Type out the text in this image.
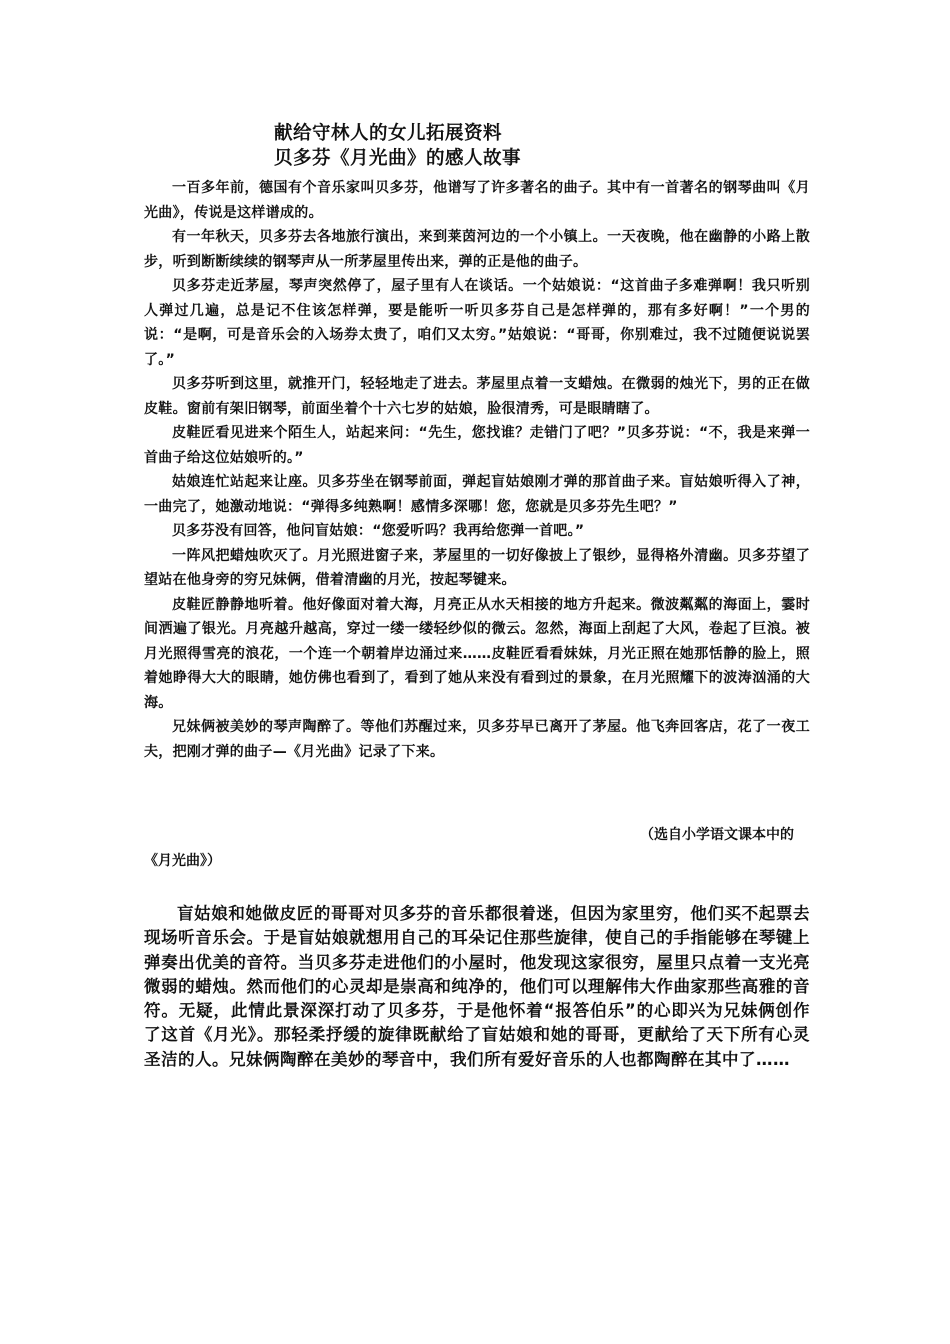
献给守林人的女儿拓展资料
贝多芬《月光曲》的感人故事

一百多年前，德国有个音乐家叫贝多芬，他谱写了许多著名的曲子。其中有一首著名的钢琴曲叫《月光曲》，传说是这样谱成的。

有一年秋天，贝多芬去各地旅行演出，来到莱茵河边的一个小镇上。一天夜晚，他在幽静的小路上散步，听到断断续续的钢琴声从一所茅屋里传出来，弹的正是他的曲子。

贝多芬走近茅屋，琴声突然停了，屋子里有人在谈话。一个姑娘说：“这首曲子多难弹啊！我只听别人弹过几遍，总是记不住该怎样弹，要是能听一听贝多芬自己是怎样弹的，那有多好啊！”一个男的说：“是啊，可是音乐会的入场券太贵了，咱们又太穷。”姑娘说：“哥哥，你别难过，我不过随便说说罢了。”

贝多芬听到这里，就推开门，轻轻地走了进去。茅屋里点着一支蜡烛。在微弱的烛光下，男的正在做皮鞋。窗前有架旧钢琴，前面坐着个十六七岁的姑娘，脸很清秀，可是眼睛瞎了。

皮鞋匠看见进来个陌生人，站起来问：“先生，您找谁？走错门了吧？”贝多芬说：“不，我是来弹一首曲子给这位姑娘听的。”

姑娘连忙站起来让座。贝多芬坐在钢琴前面，弹起盲姑娘刚才弹的那首曲子来。盲姑娘听得入了神，一曲完了，她激动地说：“弹得多纯熟啊！感情多深哪！您，您就是贝多芬先生吧？”

贝多芬没有回答，他问盲姑娘：“您爱听吗？我再给您弹一首吧。”

一阵风把蜡烛吹灭了。月光照进窗子来，茅屋里的一切好像披上了银纱，显得格外清幽。贝多芬望了望站在他身旁的穷兄妹俩，借着清幽的月光，按起琴键来。

皮鞋匠静静地听着。他好像面对着大海，月亮正从水天相接的地方升起来。微波粼粼的海面上，霎时间洒遍了银光。月亮越升越高，穿过一缕一缕轻纱似的微云。忽然，海面上刮起了大风，卷起了巨浪。被月光照得雪亮的浪花，一个连一个朝着岸边涌过来……皮鞋匠看看妹妹，月光正照在她那恬静的脸上，照着她睁得大大的眼睛，她仿佛也看到了，看到了她从来没有看到过的景象，在月光照耀下的波涛汹涌的大海。

兄妹俩被美妙的琴声陶醉了。等他们苏醒过来，贝多芬早已离开了茅屋。他飞奔回客店，花了一夜工夫，把刚才弹的曲子—《月光曲》记录了下来。

（选自小学语文课本中的
《月光曲》）

盲姑娘和她做皮匠的哥哥对贝多芬的音乐都很着迷，但因为家里穷，他们买不起票去现场听音乐会。于是盲姑娘就想用自己的耳朵记住那些旋律，使自己的手指能够在琴键上弹奏出优美的音符。当贝多芬走进他们的小屋时，他发现这家很穷，屋里只点着一支光亮微弱的蜡烛。然而他们的心灵却是崇高和纯净的，他们可以理解伟大作曲家那些高雅的音符。无疑，此情此景深深打动了贝多芬，于是他怀着“报答伯乐”的心即兴为兄妹俩创作了这首《月光》。那轻柔抒缓的旋律既献给了盲姑娘和她的哥哥，更献给了天下所有心灵圣洁的人。兄妹俩陶醉在美妙的琴音中，我们所有爱好音乐的人也都陶醉在其中了……
